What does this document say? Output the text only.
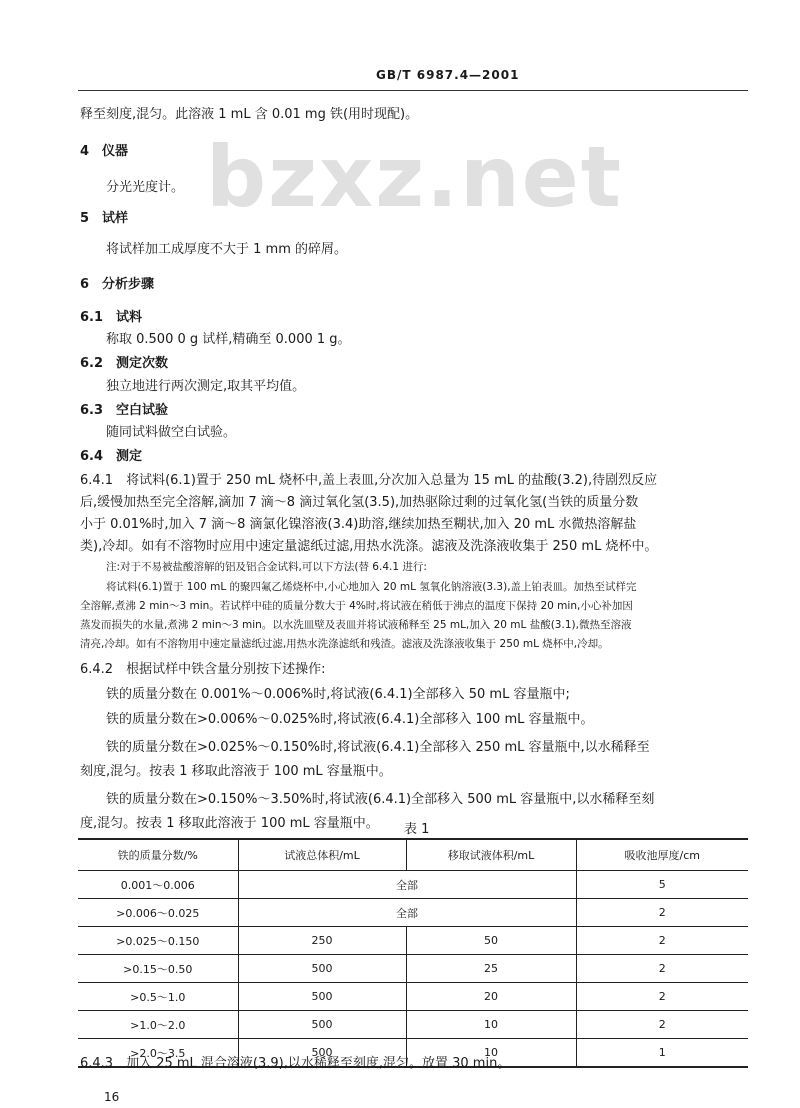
GB/T 6987.4—2001
bzxz.net
释至刻度,混匀。此溶液 1 mL 含 0.01 mg 铁(用时现配)。
4　仪器
分光光度计。
5　试样
将试样加工成厚度不大于 1 mm 的碎屑。
6　分析步骤
6.1　试料
称取 0.500 0 g 试样,精确至 0.000 1 g。
6.2　测定次数
独立地进行两次测定,取其平均值。
6.3　空白试验
随同试料做空白试验。
6.4　测定
6.4.1　将试料(6.1)置于 250 mL 烧杯中,盖上表皿,分次加入总量为 15 mL 的盐酸(3.2),待剧烈反应
后,缓慢加热至完全溶解,滴加 7 滴～8 滴过氧化氢(3.5),加热驱除过剩的过氧化氢(当铁的质量分数
小于 0.01%时,加入 7 滴～8 滴氯化镍溶液(3.4)助溶,继续加热至糊状,加入 20 mL 水微热溶解盐
类),冷却。如有不溶物时应用中速定量滤纸过滤,用热水洗涤。滤液及洗涤液收集于 250 mL 烧杯中。
注:对于不易被盐酸溶解的铝及铝合金试料,可以下方法(替 6.4.1 进行:
将试料(6.1)置于 100 mL 的聚四氟乙烯烧杯中,小心地加入 20 mL 氢氧化钠溶液(3.3),盖上铂表皿。加热至试样完
全溶解,煮沸 2 min～3 min。若试样中硅的质量分数大于 4%时,将试液在稍低于沸点的温度下保持 20 min,小心补加因
蒸发而损失的水量,煮沸 2 min～3 min。以水洗皿壁及表皿并将试液稀释至 25 mL,加入 20 mL 盐酸(3.1),微热至溶液
清亮,冷却。如有不溶物用中速定量滤纸过滤,用热水洗涤滤纸和残渣。滤液及洗涤液收集于 250 mL 烧杯中,冷却。
6.4.2　根据试样中铁含量分别按下述操作:
铁的质量分数在 0.001%～0.006%时,将试液(6.4.1)全部移入 50 mL 容量瓶中;
铁的质量分数在>0.006%～0.025%时,将试液(6.4.1)全部移入 100 mL 容量瓶中。
铁的质量分数在>0.025%～0.150%时,将试液(6.4.1)全部移入 250 mL 容量瓶中,以水稀释至
刻度,混匀。按表 1 移取此溶液于 100 mL 容量瓶中。
铁的质量分数在>0.150%～3.50%时,将试液(6.4.1)全部移入 500 mL 容量瓶中,以水稀释至刻
度,混匀。按表 1 移取此溶液于 100 mL 容量瓶中。 表 1
铁的质量分数/%	试液总体积/mL	移取试液体积/mL	吸收池厚度/cm
0.001～0.006	全部		5
>0.006～0.025	全部		2
>0.025～0.150	250	50	2
>0.15～0.50	500	25	2
>0.5～1.0	500	20	2
>1.0～2.0	500	10	2
>2.0～3.5	500	10	1
6.4.3　加入 25 mL 混合溶液(3.9),以水稀释至刻度,混匀。放置 30 min。
16
